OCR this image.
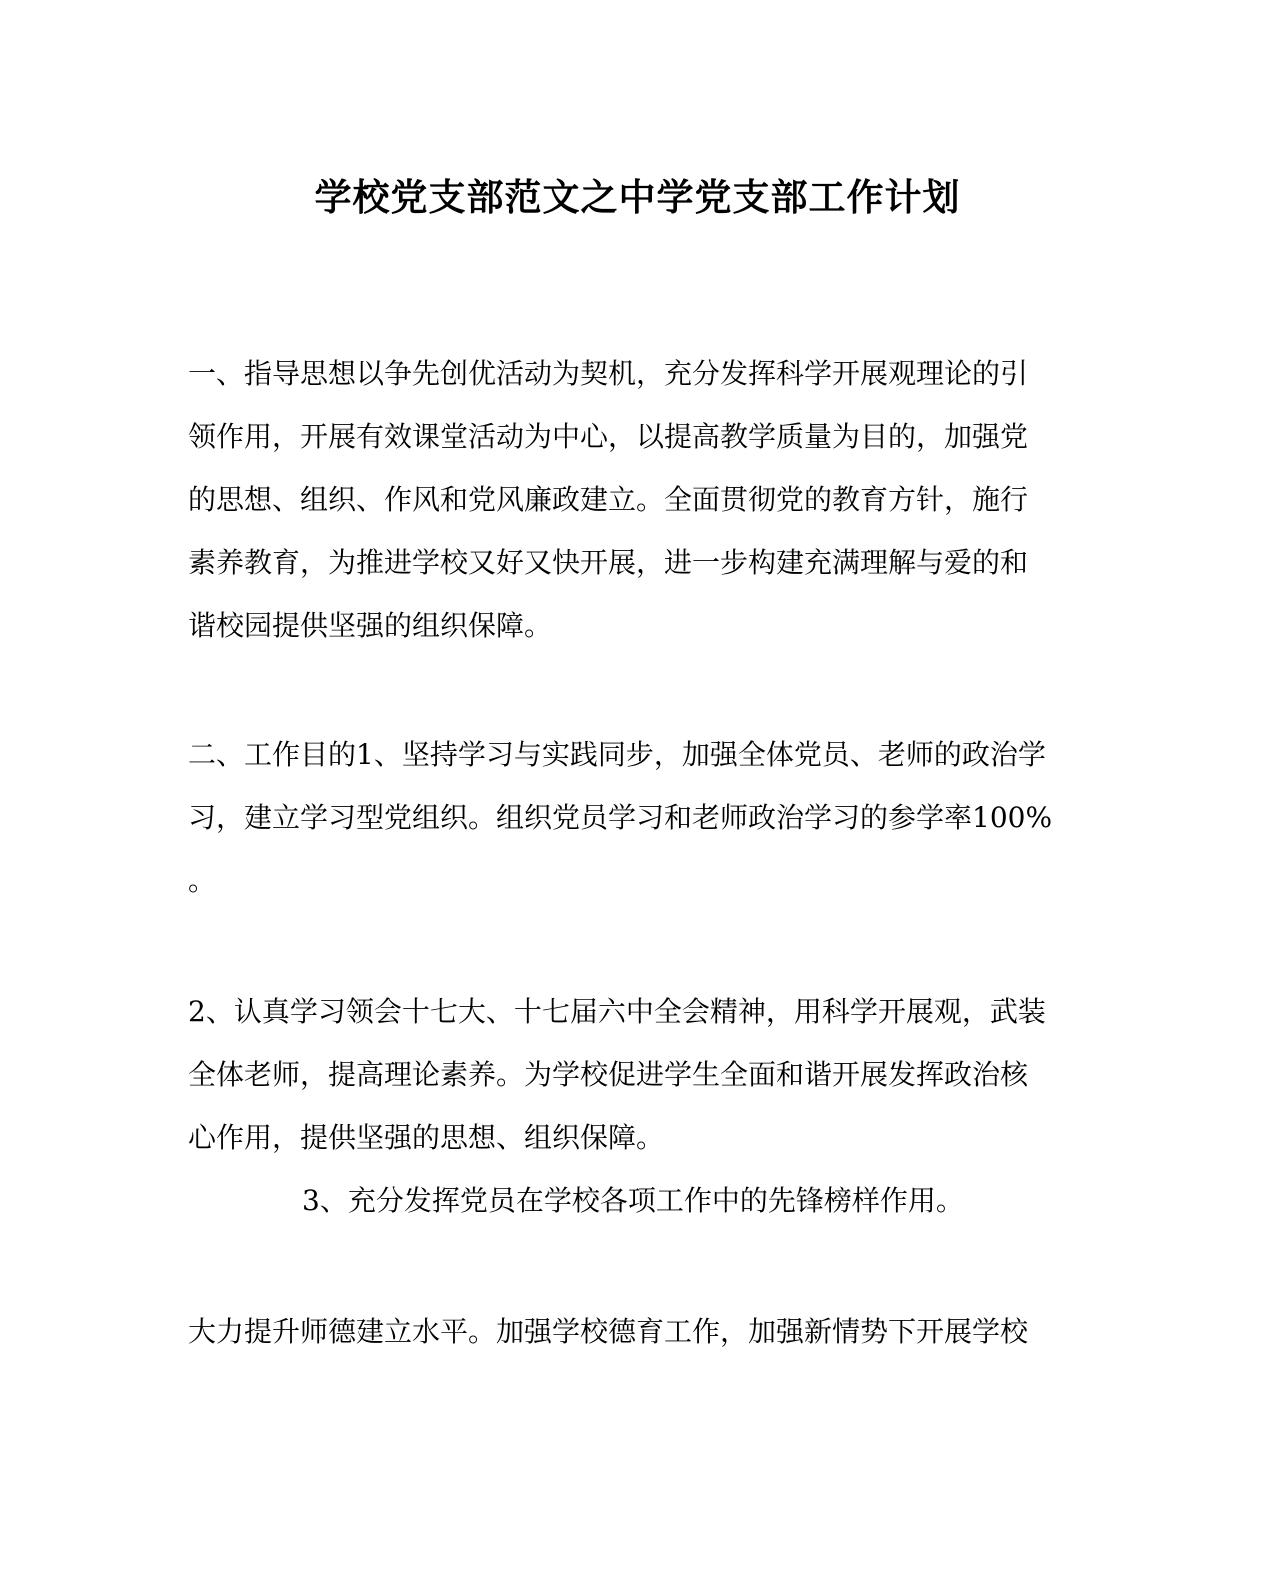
学校党支部范文之中学党支部工作计划
一、指导思想以争先创优活动为契机，充分发挥科学开展观理论的引
领作用，开展有效课堂活动为中心，以提高教学质量为目的，加强党
的思想、组织、作风和党风廉政建立。全面贯彻党的教育方针，施行
素养教育，为推进学校又好又快开展，进一步构建充满理解与爱的和
谐校园提供坚强的组织保障。
二、工作目的1、坚持学习与实践同步，加强全体党员、老师的政治学
习，建立学习型党组织。组织党员学习和老师政治学习的参学率100%
。
2、认真学习领会十七大、十七届六中全会精神，用科学开展观，武装
全体老师，提高理论素养。为学校促进学生全面和谐开展发挥政治核
心作用，提供坚强的思想、组织保障。
3、充分发挥党员在学校各项工作中的先锋榜样作用。
大力提升师德建立水平。加强学校德育工作，加强新情势下开展学校
